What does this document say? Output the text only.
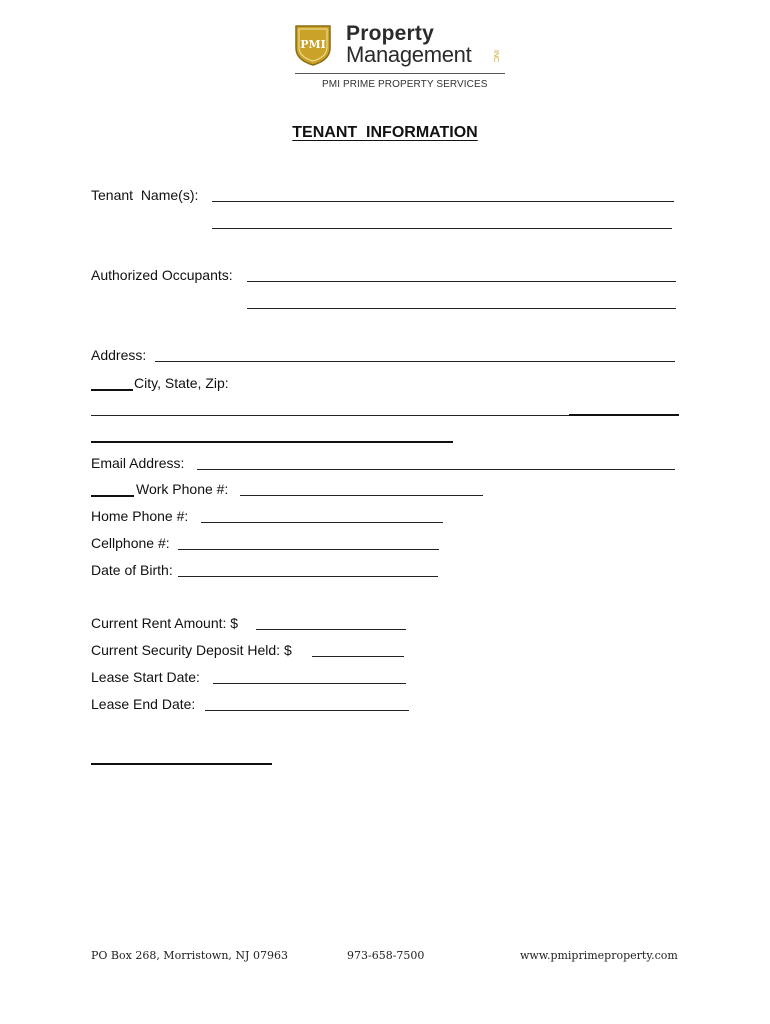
PMI Property
Management	INC
PMI PRIME PROPERTY SERVICES
TENANT  INFORMATION
Tenant  Name(s):
Authorized Occupants:
Address:
City, State, Zip:
Email Address:
Work Phone #:
Home Phone #:
Cellphone #:
Date of Birth:
Current Rent Amount: $
Current Security Deposit Held: $
Lease Start Date:
Lease End Date:
PO Box 268, Morristown, NJ 07963	973-658-7500	www.pmiprimeproperty.com
